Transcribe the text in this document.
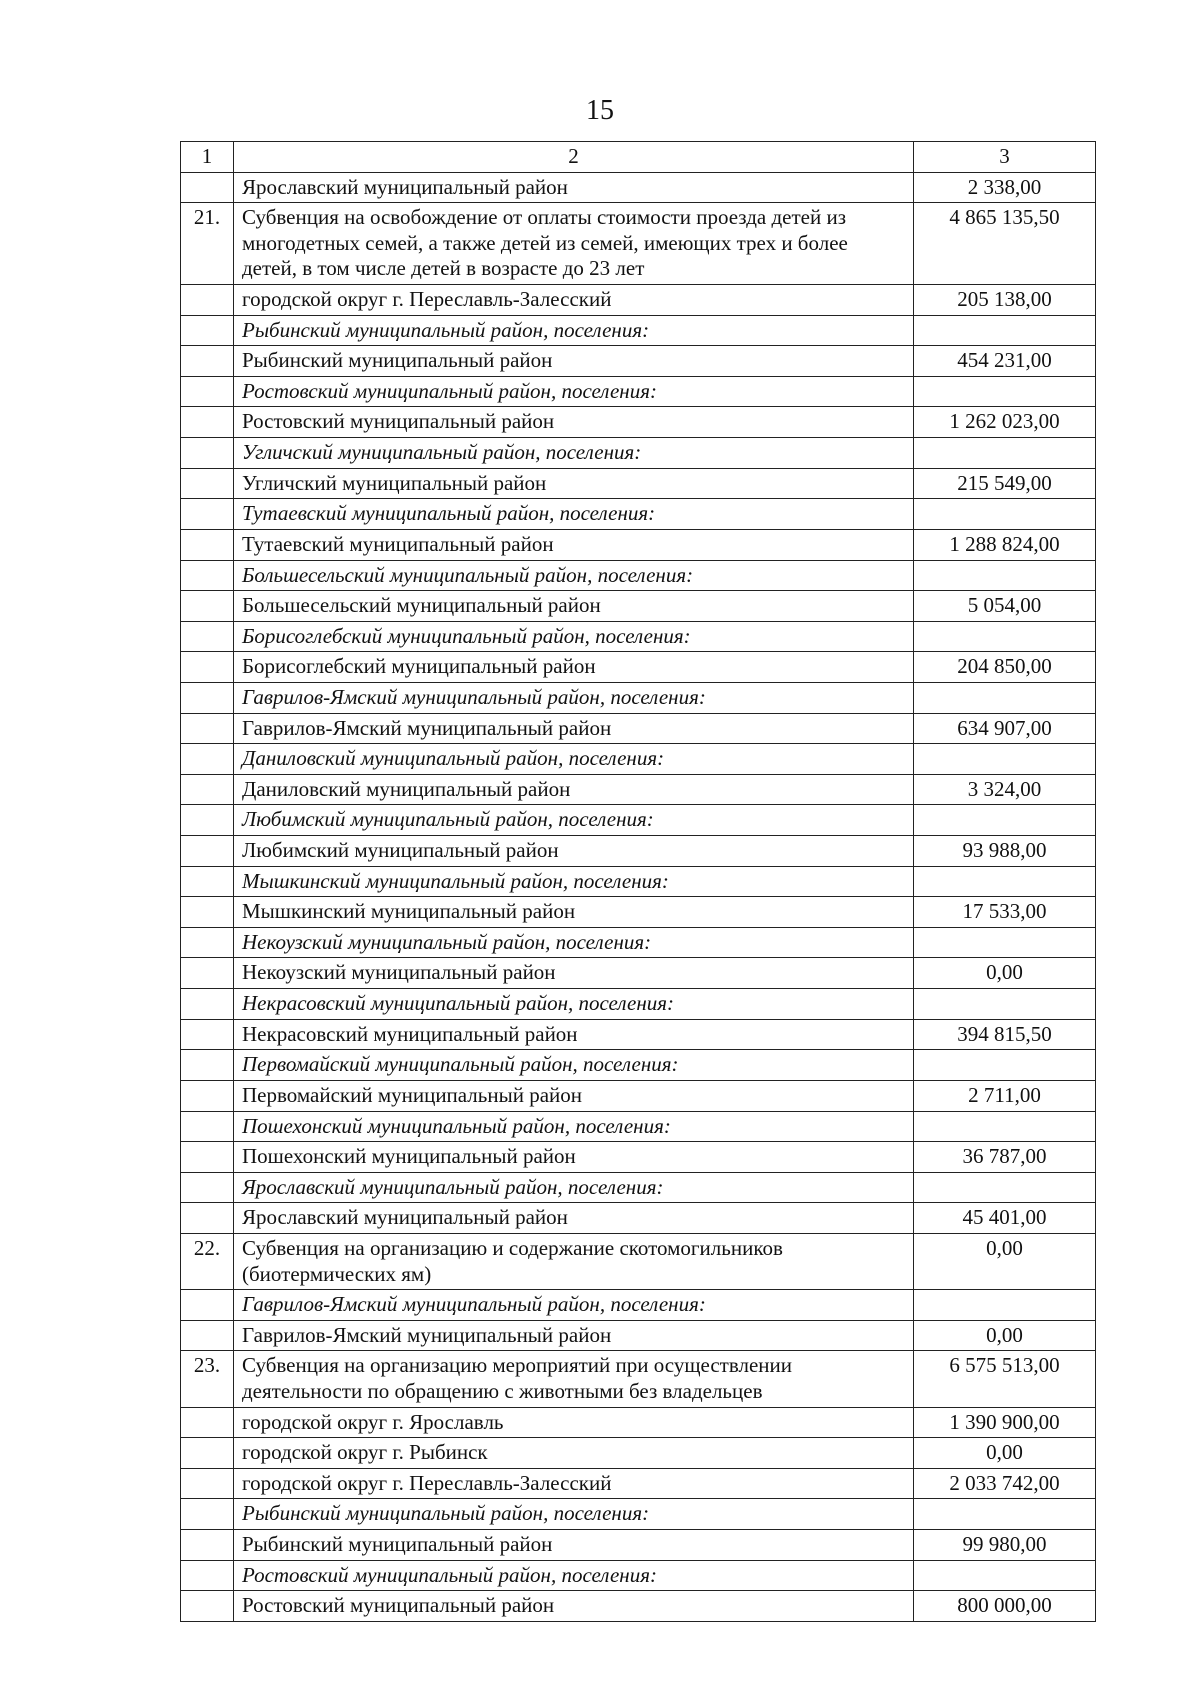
15
1	2	3
	Ярославский муниципальный район	2 338,00
21.	Субвенция на освобождение от оплаты стоимости проезда детей из многодетных семей, а также детей из семей, имеющих трех и более детей, в том числе детей в возрасте до 23 лет	4 865 135,50
	городской округ г. Переславль-Залесский	205 138,00
	Рыбинский муниципальный район, поселения:	
	Рыбинский муниципальный район	454 231,00
	Ростовский муниципальный район, поселения:	
	Ростовский муниципальный район	1 262 023,00
	Угличский муниципальный район, поселения:	
	Угличский муниципальный район	215 549,00
	Тутаевский муниципальный район, поселения:	
	Тутаевский муниципальный район	1 288 824,00
	Большесельский муниципальный район, поселения:	
	Большесельский муниципальный район	5 054,00
	Борисоглебский муниципальный район, поселения:	
	Борисоглебский муниципальный район	204 850,00
	Гаврилов-Ямский муниципальный район, поселения:	
	Гаврилов-Ямский муниципальный район	634 907,00
	Даниловский муниципальный район, поселения:	
	Даниловский муниципальный район	3 324,00
	Любимский муниципальный район, поселения:	
	Любимский муниципальный район	93 988,00
	Мышкинский муниципальный район, поселения:	
	Мышкинский муниципальный район	17 533,00
	Некоузский муниципальный район, поселения:	
	Некоузский муниципальный район	0,00
	Некрасовский муниципальный район, поселения:	
	Некрасовский муниципальный район	394 815,50
	Первомайский муниципальный район, поселения:	
	Первомайский муниципальный район	2 711,00
	Пошехонский муниципальный район, поселения:	
	Пошехонский муниципальный район	36 787,00
	Ярославский муниципальный район, поселения:	
	Ярославский муниципальный район	45 401,00
22.	Субвенция на организацию и содержание скотомогильников (биотермических ям)	0,00
	Гаврилов-Ямский муниципальный район, поселения:	
	Гаврилов-Ямский муниципальный район	0,00
23.	Субвенция на организацию мероприятий при осуществлении деятельности по обращению с животными без владельцев	6 575 513,00
	городской округ г. Ярославль	1 390 900,00
	городской округ г. Рыбинск	0,00
	городской округ г. Переславль-Залесский	2 033 742,00
	Рыбинский муниципальный район, поселения:	
	Рыбинский муниципальный район	99 980,00
	Ростовский муниципальный район, поселения:	
	Ростовский муниципальный район	800 000,00
